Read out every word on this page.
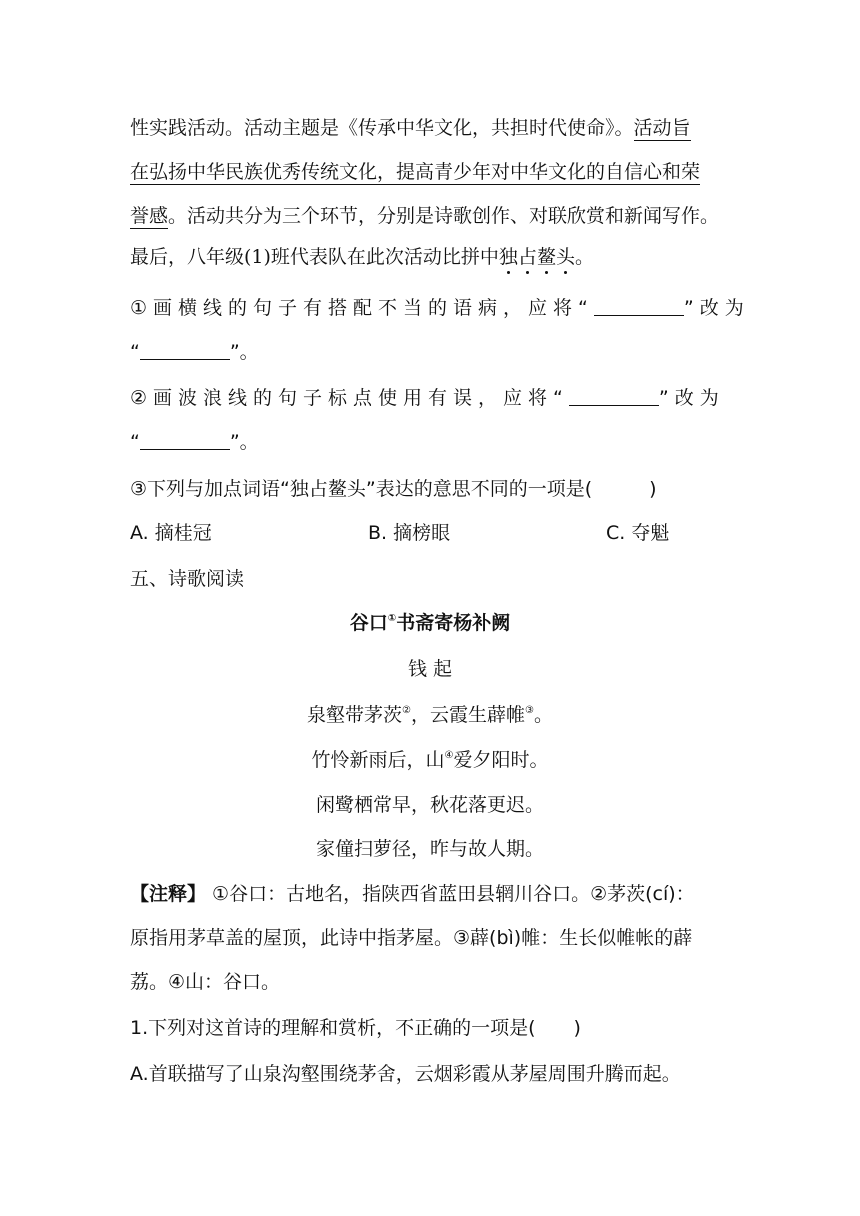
性实践活动。活动主题是《传承中华文化，共担时代使命》。活动旨
在弘扬中华民族优秀传统文化，提高青少年对中华文化的自信心和荣
誉感。活动共分为三个环节，分别是诗歌创作、对联欣赏和新闻写作。
最后，八年级(1)班代表队在此次活动比拼中独占鳌头。
①画横线的句子有搭配不当的语病，应将“	”改为
“	”。
②画波浪线的句子标点使用有误，应将“	”改为
“	”。
③下列与加点词语“独占鳌头”表达的意思不同的一项是(　　　)
A. 摘桂冠	B. 摘榜眼	C. 夺魁
五、诗歌阅读
谷口①书斋寄杨补阙
钱 起
泉壑带茅茨②，云霞生薜帷③。
竹怜新雨后，山④爱夕阳时。
闲鹭栖常早，秋花落更迟。
家僮扫萝径，昨与故人期。
【注释】 ①谷口：古地名，指陕西省蓝田县辋川谷口。②茅茨(cí)：
原指用茅草盖的屋顶，此诗中指茅屋。③薜(bì)帷：生长似帷帐的薜
荔。④山：谷口。
1.下列对这首诗的理解和赏析，不正确的一项是(　　)
A.首联描写了山泉沟壑围绕茅舍，云烟彩霞从茅屋周围升腾而起。
